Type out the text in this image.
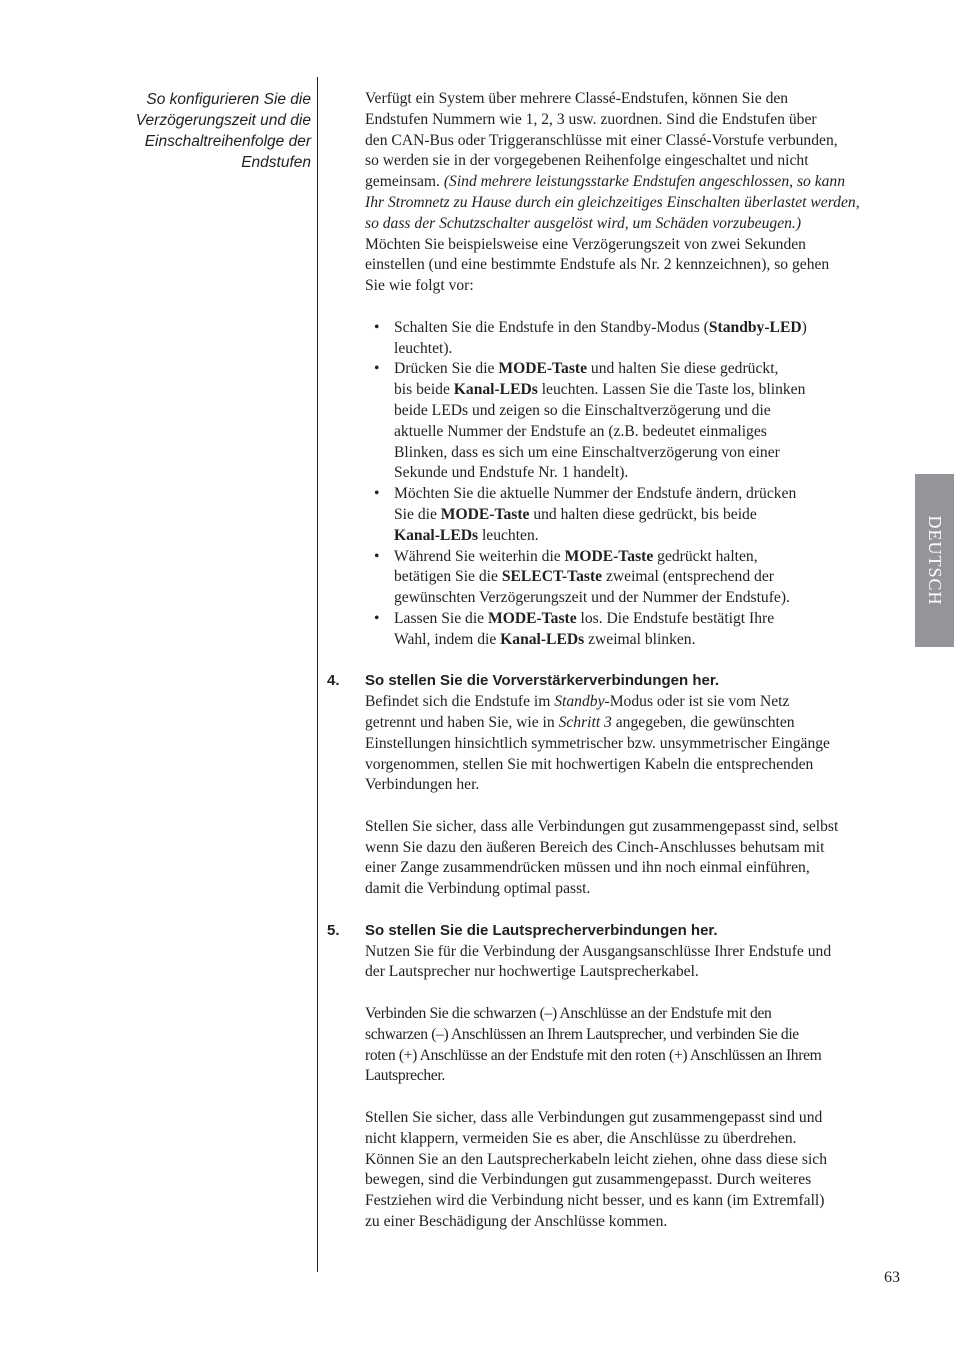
So konfigurieren Sie die
Verzögerungszeit und die
Einschaltreihenfolge der
Endstufen
Verfügt ein System über mehrere Classé-Endstufen, können Sie den
Endstufen Nummern wie 1, 2, 3 usw. zuordnen. Sind die Endstufen über
den CAN-Bus oder Triggeranschlüsse mit einer Classé-Vorstufe verbunden,
so werden sie in der vorgegebenen Reihenfolge eingeschaltet und nicht
gemeinsam. (Sind mehrere leistungsstarke Endstufen angeschlossen, so kann
Ihr Stromnetz zu Hause durch ein gleichzeitiges Einschalten überlastet werden,
so dass der Schutzschalter ausgelöst wird, um Schäden vorzubeugen.)
Möchten Sie beispielsweise eine Verzögerungszeit von zwei Sekunden
einstellen (und eine bestimmte Endstufe als Nr. 2 kennzeichnen), so gehen
Sie wie folgt vor:
• Schalten Sie die Endstufe in den Standby-Modus (Standby-LED)
leuchtet).
• Drücken Sie die MODE-Taste und halten Sie diese gedrückt,
bis beide Kanal-LEDs leuchten. Lassen Sie die Taste los, blinken
beide LEDs und zeigen so die Einschaltverzögerung und die
aktuelle Nummer der Endstufe an (z.B. bedeutet einmaliges
Blinken, dass es sich um eine Einschaltverzögerung von einer
Sekunde und Endstufe Nr. 1 handelt).
• Möchten Sie die aktuelle Nummer der Endstufe ändern, drücken
Sie die MODE-Taste und halten diese gedrückt, bis beide
Kanal-LEDs leuchten.
• Während Sie weiterhin die MODE-Taste gedrückt halten,
betätigen Sie die SELECT-Taste zweimal (entsprechend der
gewünschten Verzögerungszeit und der Nummer der Endstufe).
• Lassen Sie die MODE-Taste los. Die Endstufe bestätigt Ihre
Wahl, indem die Kanal-LEDs zweimal blinken.
4. So stellen Sie die Vorverstärkerverbindungen her.
Befindet sich die Endstufe im Standby-Modus oder ist sie vom Netz
getrennt und haben Sie, wie in Schritt 3 angegeben, die gewünschten
Einstellungen hinsichtlich symmetrischer bzw. unsymmetrischer Eingänge
vorgenommen, stellen Sie mit hochwertigen Kabeln die entsprechenden
Verbindungen her.
Stellen Sie sicher, dass alle Verbindungen gut zusammengepasst sind, selbst
wenn Sie dazu den äußeren Bereich des Cinch-Anschlusses behutsam mit
einer Zange zusammendrücken müssen und ihn noch einmal einführen,
damit die Verbindung optimal passt.
5. So stellen Sie die Lautsprecherverbindungen her.
Nutzen Sie für die Verbindung der Ausgangsanschlüsse Ihrer Endstufe und
der Lautsprecher nur hochwertige Lautsprecherkabel.
Verbinden Sie die schwarzen (–) Anschlüsse an der Endstufe mit den
schwarzen (–) Anschlüssen an Ihrem Lautsprecher, und verbinden Sie die
roten (+) Anschlüsse an der Endstufe mit den roten (+) Anschlüssen an Ihrem
Lautsprecher.
Stellen Sie sicher, dass alle Verbindungen gut zusammengepasst sind und
nicht klappern, vermeiden Sie es aber, die Anschlüsse zu überdrehen.
Können Sie an den Lautsprecherkabeln leicht ziehen, ohne dass diese sich
bewegen, sind die Verbindungen gut zusammengepasst. Durch weiteres
Festziehen wird die Verbindung nicht besser, und es kann (im Extremfall)
zu einer Beschädigung der Anschlüsse kommen.
DEUTSCH
63
